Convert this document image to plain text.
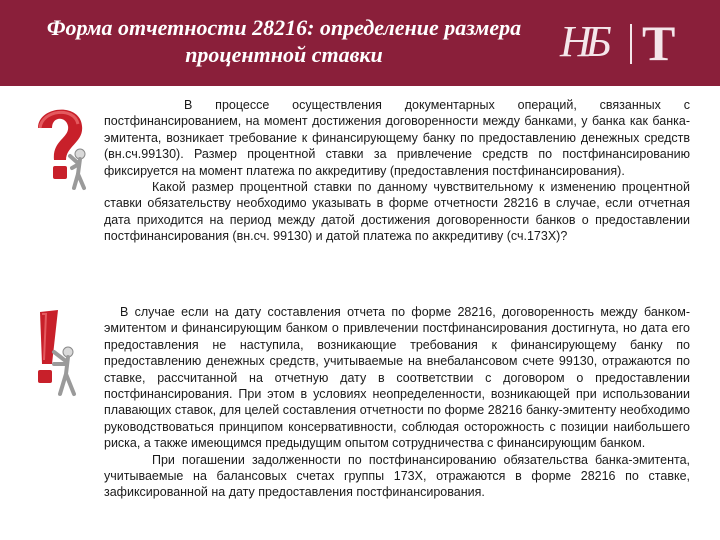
Форма отчетности 28216: определение размера
процентной ставки	НБ Т

В процессе осуществления документарных операций, связанных с постфинансированием, на момент достижения договоренности между банками, у банка как банка-эмитента, возникает требование к финансирующему банку по предоставлению денежных средств (вн.сч.99130). Размер процентной ставки за привлечение средств по постфинансированию фиксируется на момент платежа по аккредитиву (предоставления постфинансирования).

Какой размер процентной ставки по данному чувствительному к изменению процентной ставки обязательству необходимо указывать в форме отчетности 28216 в случае, если отчетная дата приходится на период между датой достижения договоренности банков о предоставлении постфинансирования (вн.сч. 99130) и датой платежа по аккредитиву (сч.173Х)?

В случае если на дату составления отчета по форме 28216, договоренность между банком-эмитентом и финансирующим банком о привлечении постфинансирования достигнута, но дата его предоставления не наступила, возникающие требования к финансирующему банку по предоставлению денежных средств, учитываемые на внебалансовом счете 99130, отражаются по ставке, рассчитанной на отчетную дату в соответствии с договором о предоставлении постфинансирования. При этом в условиях неопределенности, возникающей при использовании плавающих ставок, для целей составления отчетности по форме 28216 банку-эмитенту необходимо руководствоваться принципом консервативности, соблюдая осторожность с позиции наибольшего риска, а также имеющимся предыдущим опытом сотрудничества с финансирующим банком.

При погашении задолженности по постфинансированию обязательства банка-эмитента, учитываемые на балансовых счетах группы 173Х, отражаются в форме 28216 по ставке, зафиксированной на дату предоставления постфинансирования.
